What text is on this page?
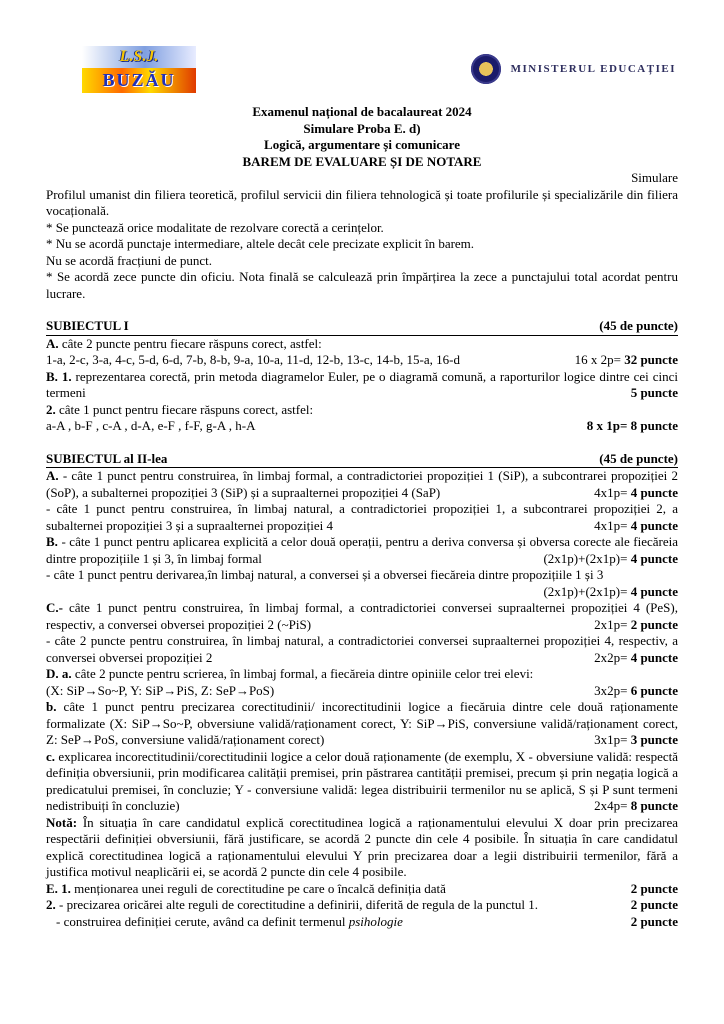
L.S.J.
BUZĂU
MINISTERUL EDUCAȚIEI
Examenul național de bacalaureat 2024
Simulare Proba E. d)
Logică, argumentare și comunicare
BAREM DE EVALUARE ȘI DE NOTARE
Simulare

Profilul umanist din filiera teoretică, profilul servicii din filiera tehnologică și toate profilurile și specializările din filiera vocațională.

* Se punctează orice modalitate de rezolvare corectă a cerințelor.

* Nu se acordă punctaje intermediare, altele decât cele precizate explicit în barem.

Nu se acordă fracțiuni de punct.

* Se acordă zece puncte din oficiu. Nota finală se calculează prin împărțirea la zece a punctajului total acordat pentru lucrare.

SUBIECTUL I	(45 de puncte)

A. câte 2 puncte pentru fiecare răspuns corect, astfel:

1-a, 2-c, 3-a, 4-c, 5-d, 6-d, 7-b, 8-b, 9-a, 10-a, 11-d, 12-b, 13-c, 14-b, 15-a, 16-d	16 x 2p= 32 puncte

B. 1. reprezentarea corectă, prin metoda diagramelor Euler, pe o diagramă comună, a raporturilor logice dintre cei cinci termeni	5 puncte

2. câte 1 punct pentru fiecare răspuns corect, astfel:

a-A , b-F , c-A , d-A, e-F , f-F, g-A , h-A	8 x 1p= 8 puncte

SUBIECTUL al II-lea	(45 de puncte)

A. - câte 1 punct pentru construirea, în limbaj formal, a contradictoriei propoziției 1 (SiP), a subcontrarei propoziției 2 (SoP), a subalternei propoziției 3 (SiP) și a supraalternei propoziției 4 (SaP)	4x1p= 4 puncte

- câte 1 punct pentru construirea, în limbaj natural, a contradictoriei propoziției 1, a subcontrarei propoziției 2, a subalternei propoziției 3 și a supraalternei propoziției 4	4x1p= 4 puncte

B. - câte 1 punct pentru aplicarea explicită a celor două operații, pentru a deriva conversa și obversa corecte ale fiecăreia dintre propozițiile 1 și 3, în limbaj formal	(2x1p)+(2x1p)= 4 puncte

- câte 1 punct pentru derivarea,în limbaj natural, a conversei și a obversei fiecăreia dintre propozițiile 1 și 3
(2x1p)+(2x1p)= 4 puncte

C.- câte 1 punct pentru construirea, în limbaj formal, a contradictoriei conversei supraalternei propoziției 4 (PeS), respectiv, a conversei obversei propoziției 2 (~PiS)	2x1p= 2 puncte

- câte 2 puncte pentru construirea, în limbaj natural, a contradictoriei conversei supraalternei propoziției 4, respectiv, a conversei obversei propoziției 2	2x2p= 4 puncte

D. a. câte 2 puncte pentru scrierea, în limbaj formal, a fiecăreia dintre opiniile celor trei elevi:

(X: SiP→So~P, Y: SiP→PiS, Z: SeP→PoS)	3x2p= 6 puncte

b. câte 1 punct pentru precizarea corectitudinii/ incorectitudinii logice a fiecăruia dintre cele două raționamente formalizate (X: SiP→So~P, obversiune validă/raționament corect, Y: SiP→PiS, conversiune validă/raționament corect, Z: SeP→PoS, conversiune validă/raționament corect)	3x1p= 3 puncte

c. explicarea incorectitudinii/corectitudinii logice a celor două raționamente (de exemplu, X - obversiune validă: respectă definiția obversiunii, prin modificarea calității premisei, prin păstrarea cantității premisei, precum și prin negația logică a predicatului premisei, în concluzie; Y - conversiune validă: legea distribuirii termenilor nu se aplică, S și P sunt termeni nedistribuiți în concluzie)	2x4p= 8 puncte

Notă: În situația în care candidatul explică corectitudinea logică a raționamentului elevului X doar prin precizarea respectării definiției obversiunii, fără justificare, se acordă 2 puncte din cele 4 posibile. În situația în care candidatul explică corectitudinea logică a raționamentului elevului Y prin precizarea doar a legii distribuirii termenilor, fără a justifica motivul neaplicării ei, se acordă 2 puncte din cele 4 posibile.

E. 1. menționarea unei reguli de corectitudine pe care o încalcă definiția dată	2 puncte

2. - precizarea oricărei alte reguli de corectitudine a definirii, diferită de regula de la punctul 1.	2 puncte

- construirea definiției cerute, având ca definit termenul psihologie	2 puncte
